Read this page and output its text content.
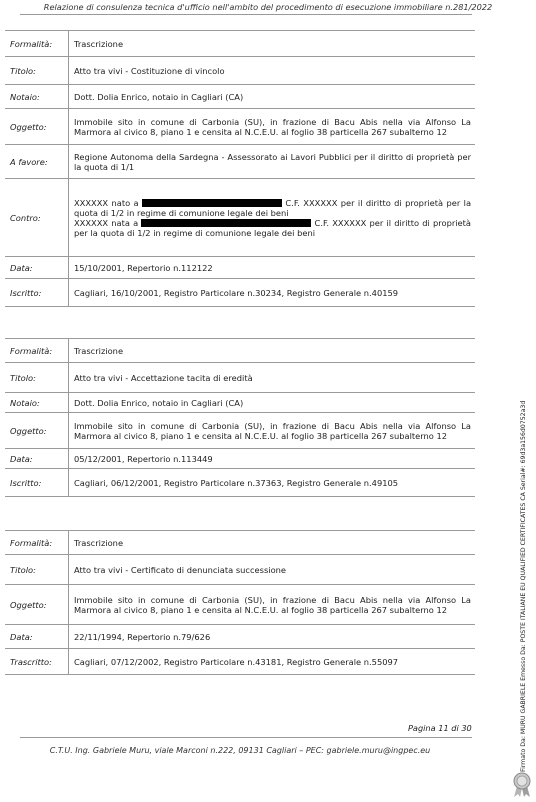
Relazione di consulenza tecnica d'ufficio nell'ambito del procedimento di esecuzione immobiliare n.281/2022
Formalità:	Trascrizione
Titolo:	Atto tra vivi - Costituzione di vincolo
Notaio:	Dott. Dolia Enrico, notaio in Cagliari (CA)
Oggetto:	Immobile sito in comune di Carbonia (SU), in frazione di Bacu Abis nella via Alfonso La Marmora al civico 8, piano 1 e censita al N.C.E.U. al foglio 38 particella 267 subalterno 12
A favore:	Regione Autonoma della Sardegna - Assessorato ai Lavori Pubblici per il diritto di proprietà per la quota di 1/1
Contro:	XXXXXX nato a C.F. XXXXXX per il diritto di proprietà per la quota di 1/2 in regime di comunione legale dei beni
XXXXXX nata a C.F. XXXXXX per il diritto di proprietà per la quota di 1/2 in regime di comunione legale dei beni

Data:	15/10/2001, Repertorio n.112122
Iscritto:	Cagliari, 16/10/2001, Registro Particolare n.30234, Registro Generale n.40159
Formalità:	Trascrizione
Titolo:	Atto tra vivi - Accettazione tacita di eredità
Notaio:	Dott. Dolia Enrico, notaio in Cagliari (CA)
Oggetto:	Immobile sito in comune di Carbonia (SU), in frazione di Bacu Abis nella via Alfonso La Marmora al civico 8, piano 1 e censita al N.C.E.U. al foglio 38 particella 267 subalterno 12
Data:	05/12/2001, Repertorio n.113449
Iscritto:	Cagliari, 06/12/2001, Registro Particolare n.37363, Registro Generale n.49105
Formalità:	Trascrizione
Titolo:	Atto tra vivi - Certificato di denunciata successione
Oggetto:	Immobile sito in comune di Carbonia (SU), in frazione di Bacu Abis nella via Alfonso La Marmora al civico 8, piano 1 e censita al N.C.E.U. al foglio 38 particella 267 subalterno 12
Data:	22/11/1994, Repertorio n.79/626
Trascritto:	Cagliari, 07/12/2002, Registro Particolare n.43181, Registro Generale n.55097
Pagina 11 di 30
C.T.U. Ing. Gabriele Muru, viale Marconi n.222, 09131 Cagliari – PEC: gabriele.muru@ingpec.eu	Firmato Da: MURU GABRIELE Emesso Da: POSTE ITALIANE EU QUALIFIED CERTIFICATES CA Serial#: 69d3a156d0752a3d
